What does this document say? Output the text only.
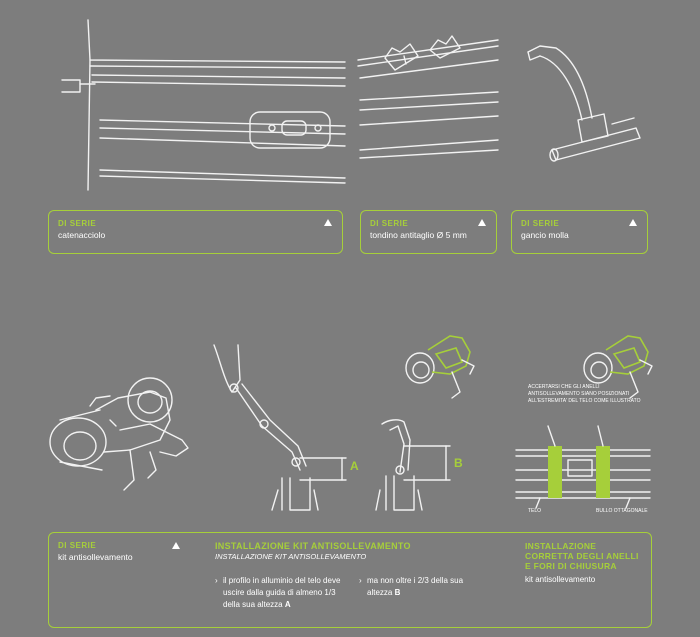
DI SERIE
catenacciolo
DI SERIE
tondino antitaglio Ø 5 mm
DI SERIE
gancio molla
A	B
ACCERTARSI CHE GLI ANELLI ANTISOLLEVAMENTO SIANO POSIZIONATI ALL'ESTREMITA' DEL TELO COME ILLUSTRATO
TELO	BULLO OTTAGONALE
DI SERIE
kit antisollevamento
INSTALLAZIONE KIT ANTISOLLEVAMENTO
INSTALLAZIONE KIT ANTISOLLEVAMENTO
› il profilo in alluminio del telo deve uscire dalla guida di almeno 1/3 della sua altezza A
› ma non oltre i 2/3 della sua altezza B
INSTALLAZIONE CORRETTA DEGLI ANELLI E FORI DI CHIUSURA
kit antisollevamento
